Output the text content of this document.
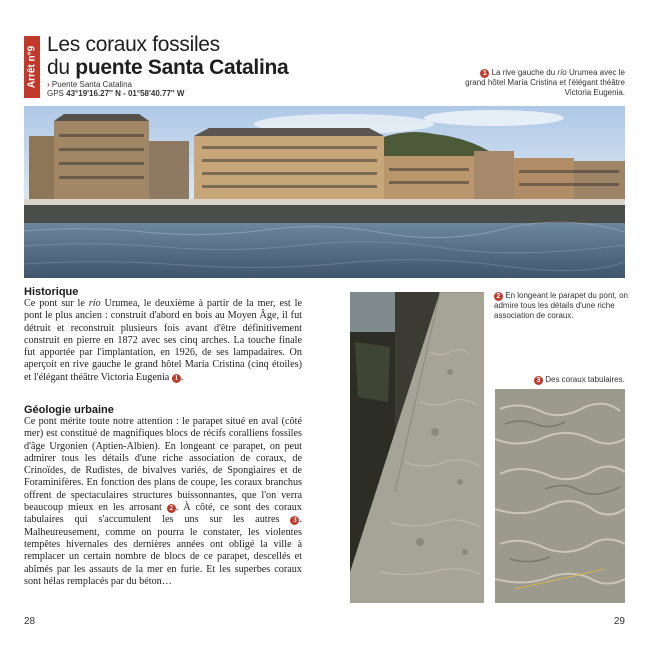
Arrêt n°9
Les coraux fossiles
du puente Santa Catalina
› Puente Santa Catalina
GPS 43°19'16.27'' N - 01°58'40.77'' W
1 La rive gauche du río Urumea avec le grand hôtel María Cristina et l'élégant théâtre Victoria Eugenia.
Historique
Ce pont sur le río Urumea, le deuxième à partir de la mer, est le pont le plus ancien : construit d'abord en bois au Moyen Âge, il fut détruit et reconstruit plusieurs fois avant d'être définitivement construit en pierre en 1872 avec ses cinq arches. La touche finale fut apportée par l'implantation, en 1926, de ses lampadaires. On aperçoit en rive gauche le grand hôtel María Cristina (cinq étoiles) et l'élégant théâtre Victoria Eugenia 1 .
Géologie urbaine
Ce pont mérite toute notre attention : le parapet situé en aval (côté mer) est constitué de magnifiques blocs de récifs coralliens fossiles d'âge Urgonien (Aptien-Albien). En longeant ce parapet, on peut admirer tous les détails d'une riche association de coraux, de Crinoïdes, de Rudistes, de bivalves variés, de Spongiaires et de Foraminifères. En fonction des plans de coupe, les coraux branchus offrent de spectaculaires structures buissonnantes, que l'on verra beaucoup mieux en les arrosant 2 . À côté, ce sont des coraux tabulaires qui s'accumulent les uns sur les autres 3 . Malheureusement, comme on pourra le constater, les violentes tempêtes hivernales des dernières années ont obligé la ville à remplacer un certain nombre de blocs de ce parapet, descellés et abîmés par les assauts de la mer en furie. Et les superbes coraux sont hélas remplacés par du béton…
2 En longeant le parapet du pont, on admire tous les détails d'une riche association de coraux.
3 Des coraux tabulaires.
28	29
